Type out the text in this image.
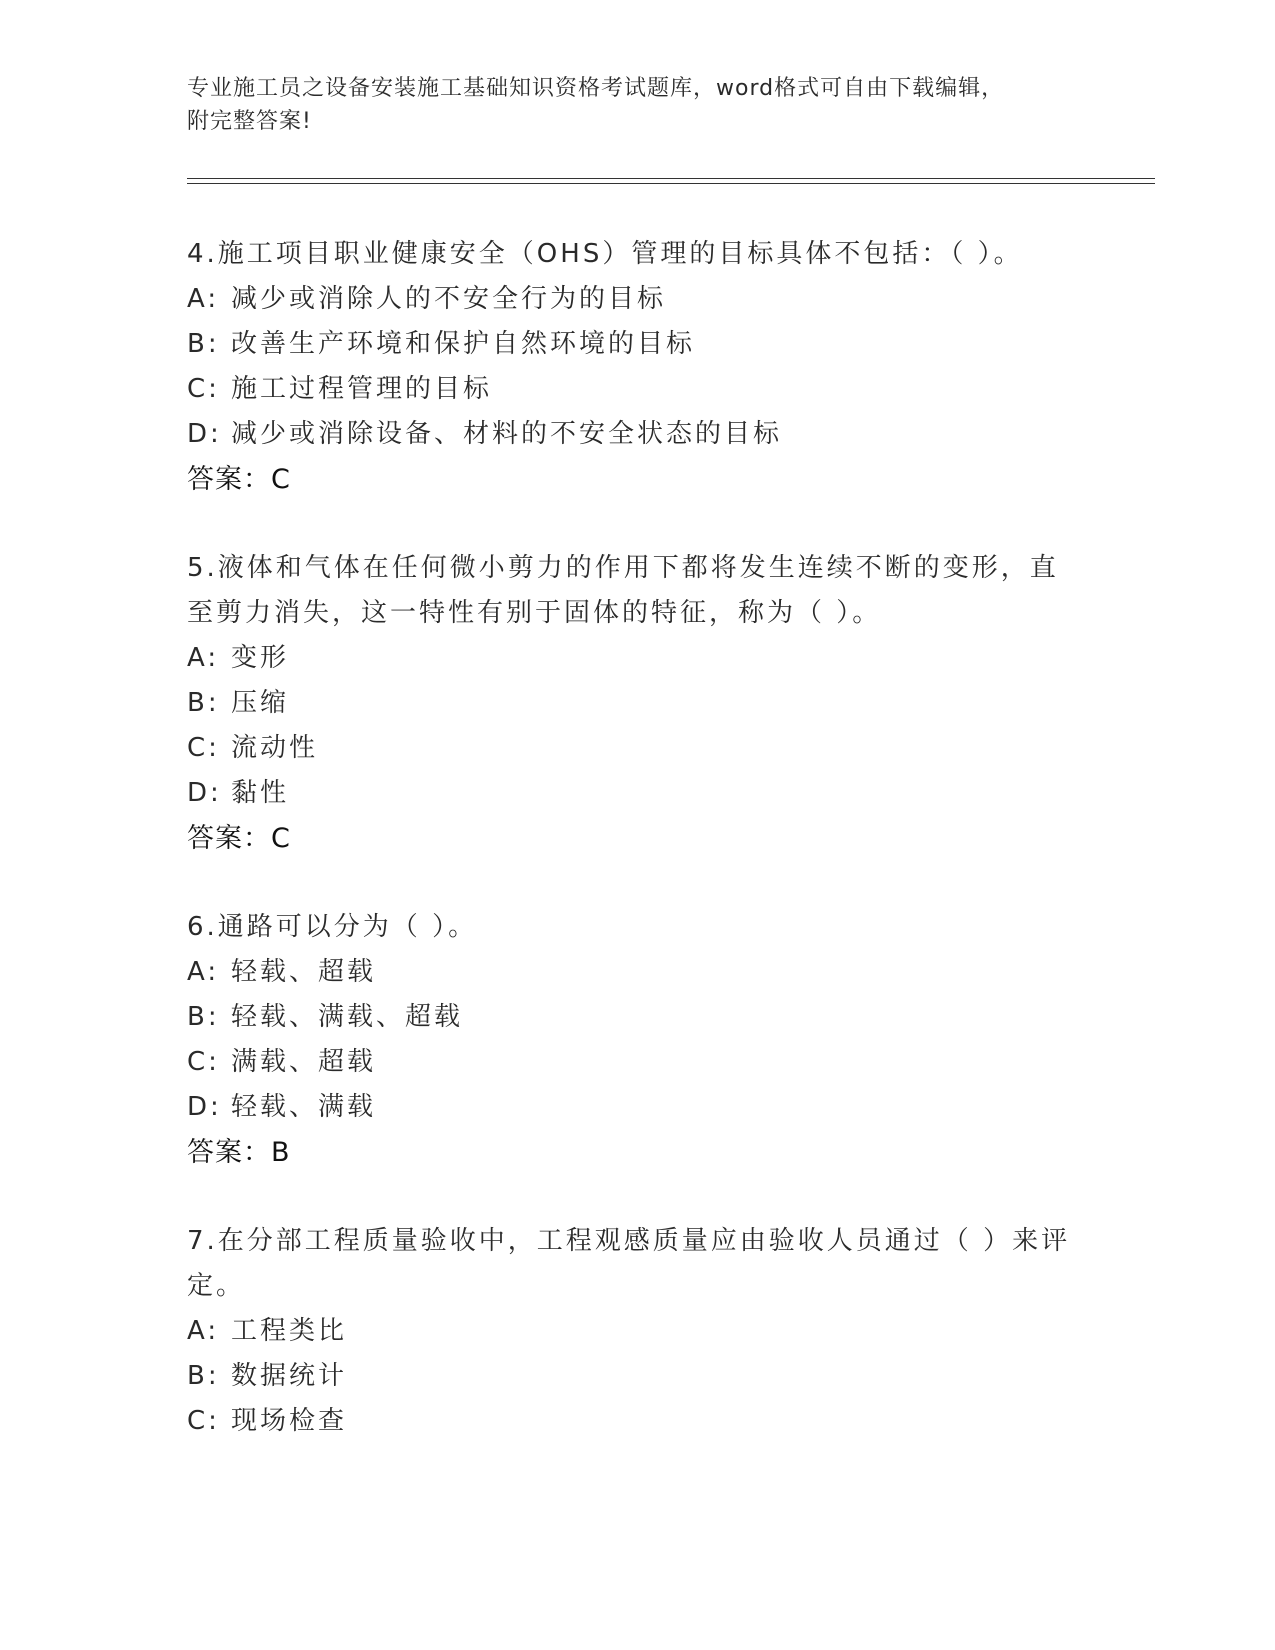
专业施工员之设备安装施工基础知识资格考试题库，word格式可自由下载编辑，
附完整答案!

4.施工项目职业健康安全（OHS）管理的目标具体不包括：（ ）。

A: 减少或消除人的不安全行为的目标

B: 改善生产环境和保护自然环境的目标

C: 施工过程管理的目标

D: 减少或消除设备、材料的不安全状态的目标

答案：C

5.液体和气体在任何微小剪力的作用下都将发生连续不断的变形，直至剪力消失，这一特性有别于固体的特征，称为（ ）。

A: 变形

B: 压缩

C: 流动性

D: 黏性

答案：C

6.通路可以分为（ ）。

A: 轻载、超载

B: 轻载、满载、超载

C: 满载、超载

D: 轻载、满载

答案：B

7.在分部工程质量验收中，工程观感质量应由验收人员通过（ ）来评定。

A: 工程类比

B: 数据统计

C: 现场检查
